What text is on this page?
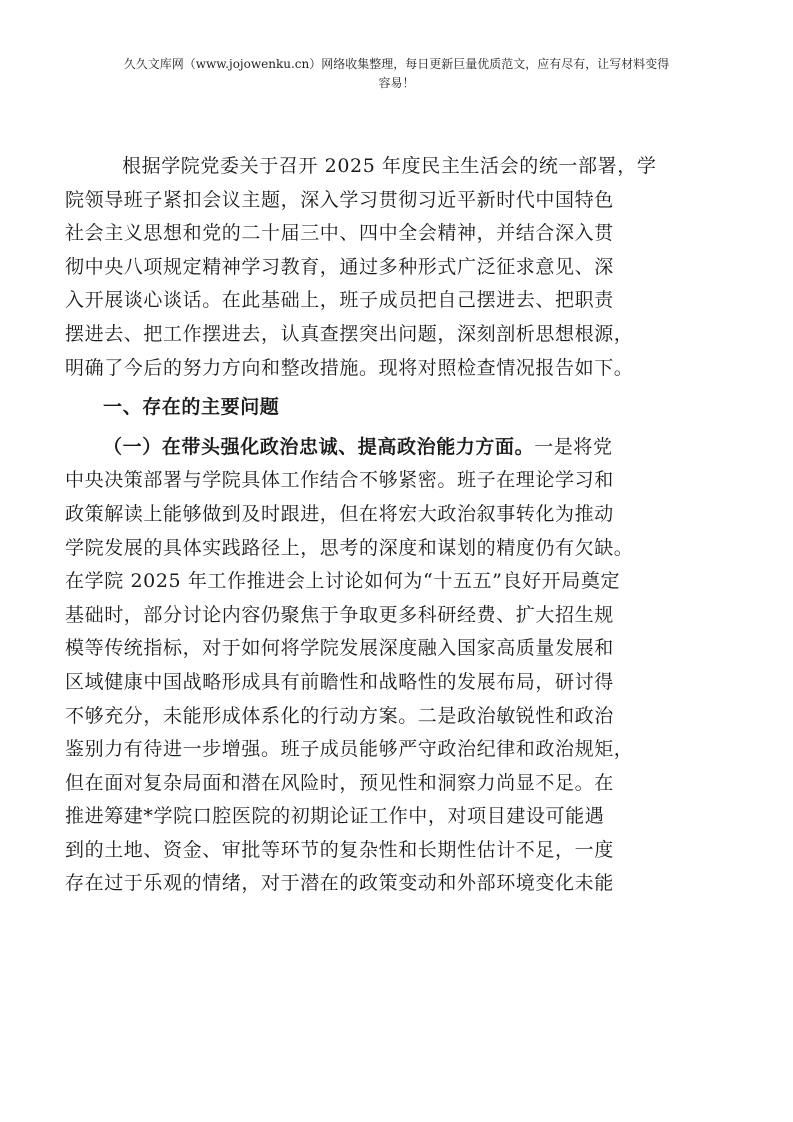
久久文库网（www.jojowenku.cn）网络收集整理，每日更新巨量优质范文，应有尽有，让写材料变得
容易！

根据学院党委关于召开 2025 年度民主生活会的统一部署，学
院领导班子紧扣会议主题，深入学习贯彻习近平新时代中国特色
社会主义思想和党的二十届三中、四中全会精神，并结合深入贯
彻中央八项规定精神学习教育，通过多种形式广泛征求意见、深
入开展谈心谈话。在此基础上，班子成员把自己摆进去、把职责
摆进去、把工作摆进去，认真查摆突出问题，深刻剖析思想根源，
明确了今后的努力方向和整改措施。现将对照检查情况报告如下。

一、存在的主要问题

（一）在带头强化政治忠诚、提高政治能力方面。一是将党
中央决策部署与学院具体工作结合不够紧密。班子在理论学习和
政策解读上能够做到及时跟进，但在将宏大政治叙事转化为推动
学院发展的具体实践路径上，思考的深度和谋划的精度仍有欠缺。
在学院 2025 年工作推进会上讨论如何为“十五五”良好开局奠定
基础时，部分讨论内容仍聚焦于争取更多科研经费、扩大招生规
模等传统指标，对于如何将学院发展深度融入国家高质量发展和
区域健康中国战略形成具有前瞻性和战略性的发展布局，研讨得
不够充分，未能形成体系化的行动方案。二是政治敏锐性和政治
鉴别力有待进一步增强。班子成员能够严守政治纪律和政治规矩，
但在面对复杂局面和潜在风险时，预见性和洞察力尚显不足。在
推进筹建*学院口腔医院的初期论证工作中，对项目建设可能遇
到的土地、资金、审批等环节的复杂性和长期性估计不足，一度
存在过于乐观的情绪，对于潜在的政策变动和外部环境变化未能
